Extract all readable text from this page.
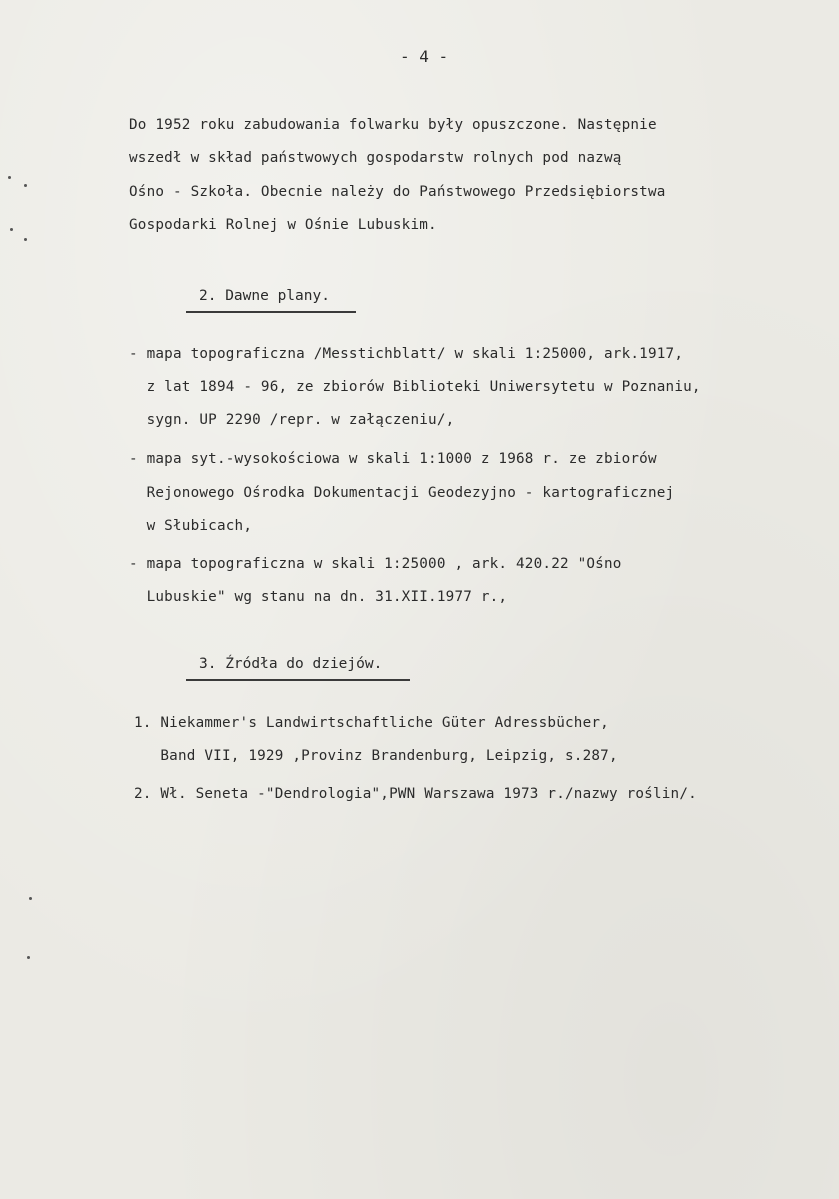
- 4 -
Do 1952 roku zabudowania folwarku były opuszczone. Następnie
wszedł w skład państwowych gospodarstw rolnych pod nazwą
Ośno - Szkoła. Obecnie należy do Państwowego Przedsiębiorstwa
Gospodarki Rolnej w Ośnie Lubuskim.
2. Dawne plany.
- mapa topograficzna /Messtichblatt/ w skali 1:25000, ark.1917,
z lat 1894 - 96, ze zbiorów Biblioteki Uniwersytetu w Poznaniu,
sygn. UP 2290 /repr. w załączeniu/,
- mapa syt.-wysokościowa w skali 1:1000 z 1968 r. ze zbiorów
Rejonowego Ośrodka Dokumentacji Geodezyjno - kartograficznej
w Słubicach,
- mapa topograficzna w skali 1:25000 , ark. 420.22 "Ośno
Lubuskie" wg stanu na dn. 31.XII.1977 r.,
3. Źródła do dziejów.
1. Niekammer's Landwirtschaftliche Güter Adressbücher,
Band VII, 1929 ,Provinz Brandenburg, Leipzig, s.287,
2. Wł. Seneta -"Dendrologia",PWN Warszawa 1973 r./nazwy roślin/.
